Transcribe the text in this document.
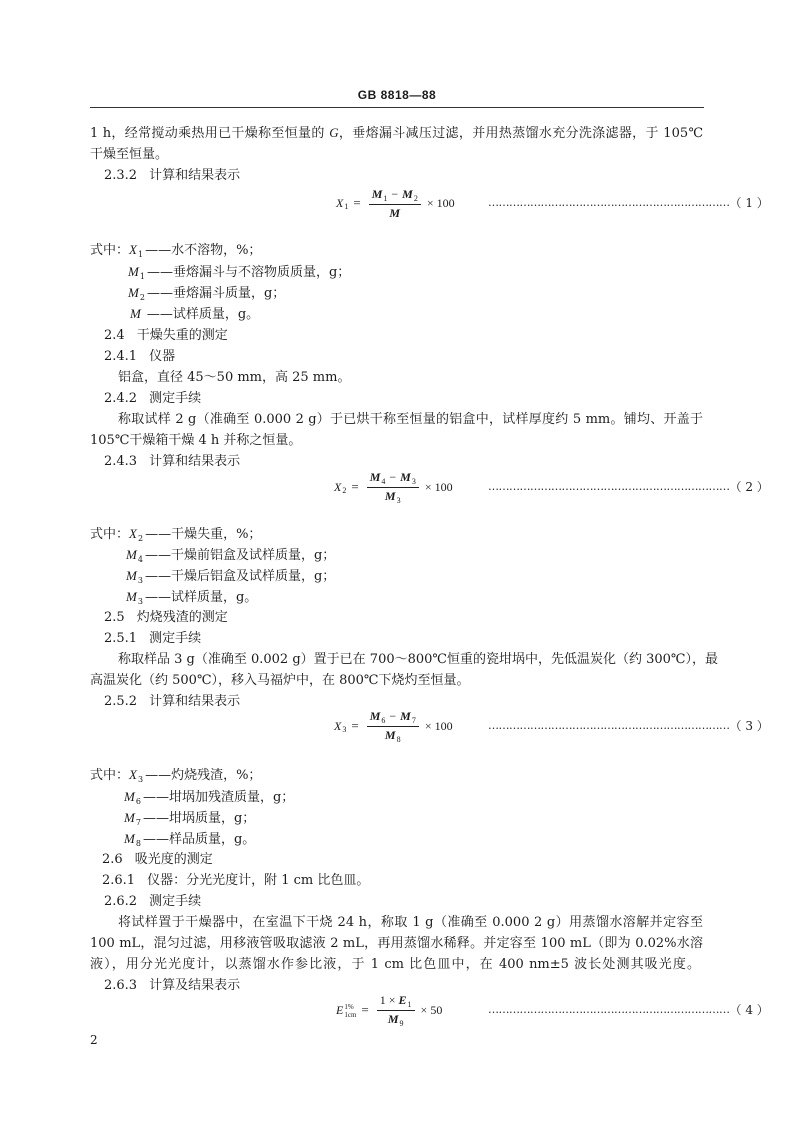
GB 8818—88
1 h，经常搅动乘热用已干燥称至恒量的 G，垂熔漏斗减压过滤，并用热蒸馏水充分洗涤滤器，于 105℃
干燥至恒量。
2.3.2 计算和结果表示
X $1 = \frac{M_1 - M_2}{M} \times 100$	…………………………………………………………… （ 1 ）
式中：$X_1$ ——水不溶物，%；
$M_1$ ——垂熔漏斗与不溶物质质量，g；
$M_2$ ——垂熔漏斗质量，g；
M ——试样质量，g。
2.4 干燥失重的测定
2.4.1 仪器
铝盒，直径 45～50 mm，高 25 mm。
2.4.2 测定手续
称取试样 2 g（准确至 0.000 2 g）于已烘干称至恒量的铝盒中，试样厚度约 5 mm。铺均、开盖于
105℃干燥箱干燥 4 h 并称之恒量。
2.4.3 计算和结果表示
X $2 = \frac{M_4 - M_3}{M_3} \times 100$	…………………………………………………………… （ 2 ）
式中：$X_2$ ——干燥失重，%；
$M_4$ ——干燥前铝盒及试样质量，g；
$M_3$ ——干燥后铝盒及试样质量，g；
$M_3$ ——试样质量，g。
2.5 灼烧残渣的测定
2.5.1 测定手续
称取样品 3 g（准确至 0.002 g）置于已在 700～800℃恒重的瓷坩埚中，先低温炭化（约 300℃），最
高温炭化（约 500℃），移入马福炉中，在 800℃下烧灼至恒量。
2.5.2 计算和结果表示
X $3 = \frac{M_6 - M_7}{M_8} \times 100$	…………………………………………………………… （ 3 ）
式中：$X_3$ ——灼烧残渣，%；
$M_6$ ——坩埚加残渣质量，g；
$M_7$ ——坩埚质量，g；
$M_8$ ——样品质量，g。
2.6 吸光度的测定
2.6.1 仪器：分光光度计，附 1 cm 比色皿。
2.6.2 测定手续
将试样置于干燥器中，在室温下干烧 24 h，称取 1 g（准确至 0.000 2 g）用蒸馏水溶解并定容至
100 mL，混匀过滤，用移液管吸取滤液 2 mL，再用蒸馏水稀释。并定容至 100 mL（即为 0.02%水溶
液），用分光光度计，以蒸馏水作参比液，于 1 cm 比色皿中，在 400 nm±5 波长处测其吸光度。
2.6.3 计算及结果表示
E 1%
$1cm = \frac{1 \times E_1}{M_9} \times 50$	…………………………………………………………… （ 4 ）
2
